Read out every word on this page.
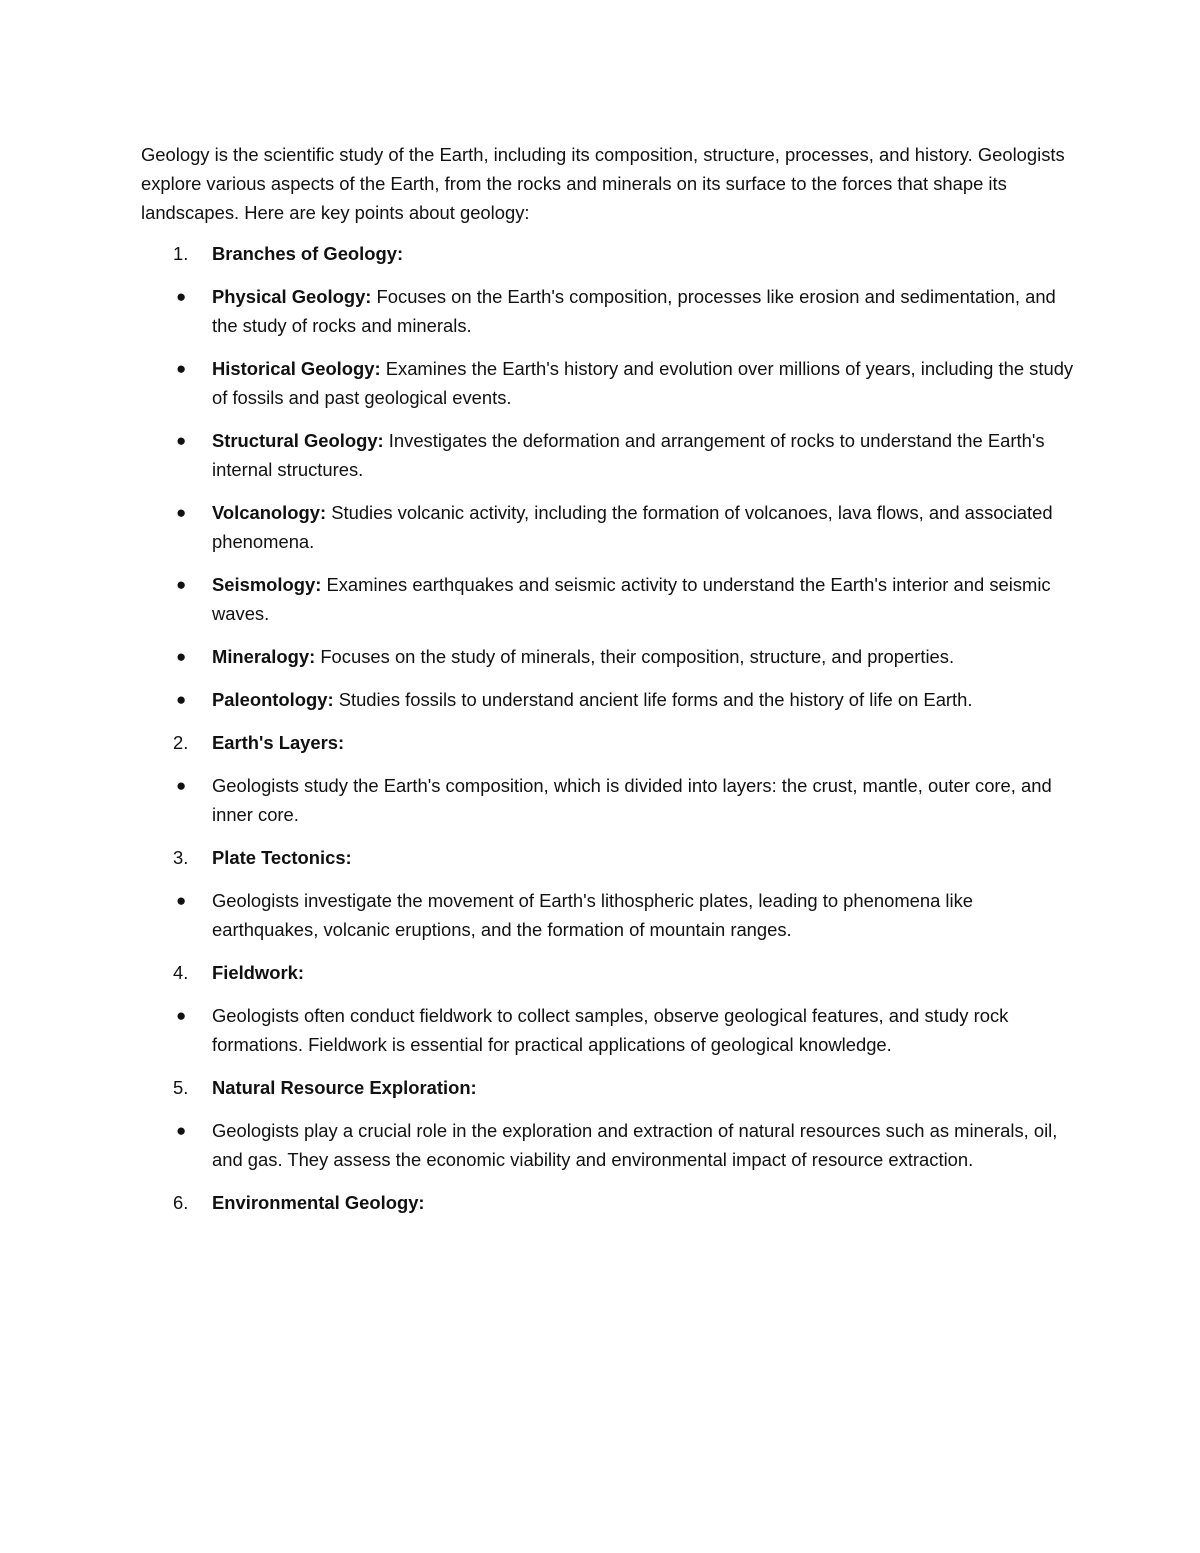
Geology is the scientific study of the Earth, including its composition, structure, processes, and history. Geologists explore various aspects of the Earth, from the rocks and minerals on its surface to the forces that shape its landscapes. Here are key points about geology:

1. Branches of Geology:
● Physical Geology: Focuses on the Earth's composition, processes like erosion and sedimentation, and the study of rocks and minerals.
● Historical Geology: Examines the Earth's history and evolution over millions of years, including the study of fossils and past geological events.
● Structural Geology: Investigates the deformation and arrangement of rocks to understand the Earth's internal structures.
● Volcanology: Studies volcanic activity, including the formation of volcanoes, lava flows, and associated phenomena.
● Seismology: Examines earthquakes and seismic activity to understand the Earth's interior and seismic waves.
● Mineralogy: Focuses on the study of minerals, their composition, structure, and properties.
● Paleontology: Studies fossils to understand ancient life forms and the history of life on Earth.
2. Earth's Layers:
● Geologists study the Earth's composition, which is divided into layers: the crust, mantle, outer core, and inner core.
3. Plate Tectonics:
● Geologists investigate the movement of Earth's lithospheric plates, leading to phenomena like earthquakes, volcanic eruptions, and the formation of mountain ranges.
4. Fieldwork:
● Geologists often conduct fieldwork to collect samples, observe geological features, and study rock formations. Fieldwork is essential for practical applications of geological knowledge.
5. Natural Resource Exploration:
● Geologists play a crucial role in the exploration and extraction of natural resources such as minerals, oil, and gas. They assess the economic viability and environmental impact of resource extraction.
6. Environmental Geology:
